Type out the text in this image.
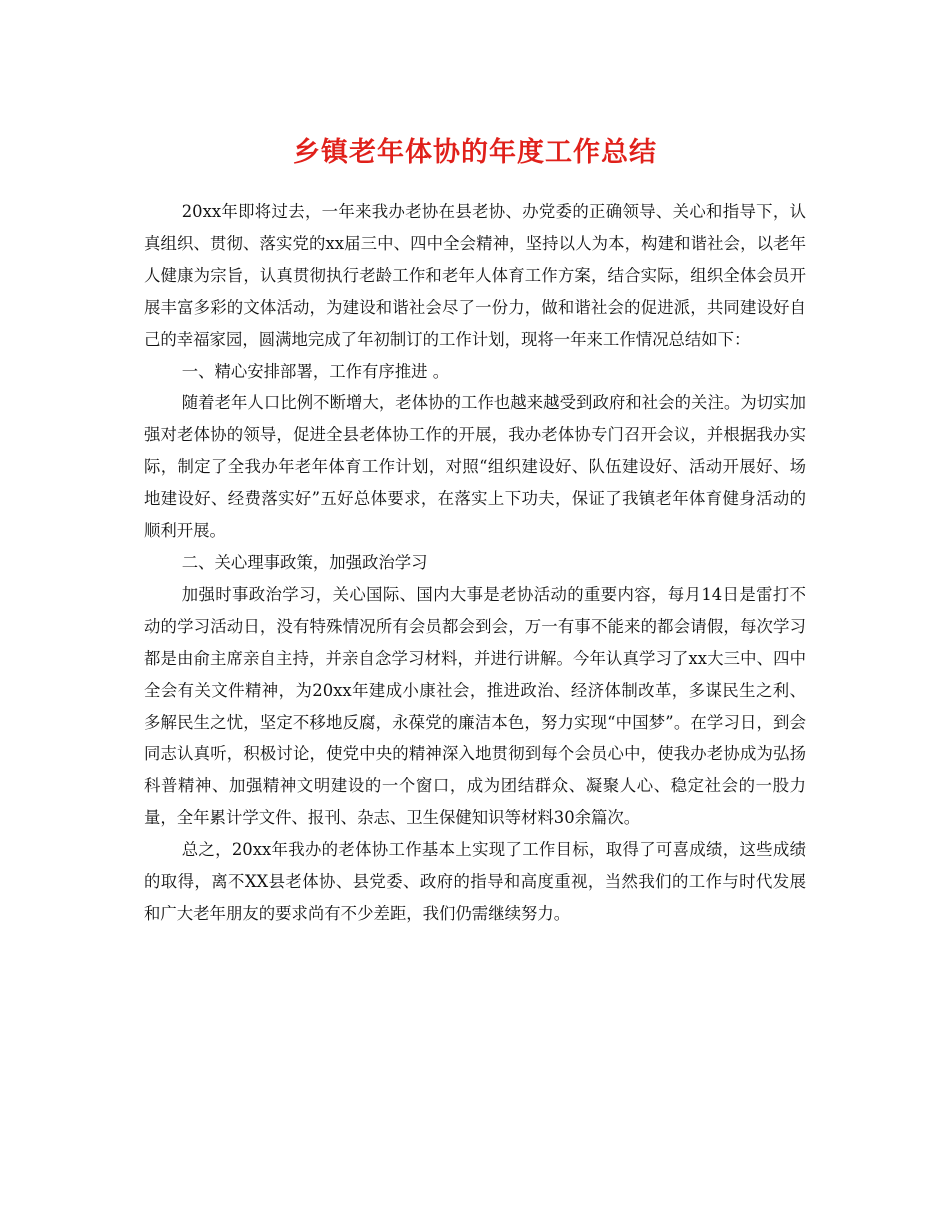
乡镇老年体协的年度工作总结

20xx年即将过去，一年来我办老协在县老协、办党委的正确领导、关心和指导下，认真组织、贯彻、落实党的xx届三中、四中全会精神，坚持以人为本，构建和谐社会，以老年人健康为宗旨，认真贯彻执行老龄工作和老年人体育工作方案，结合实际，组织全体会员开展丰富多彩的文体活动，为建设和谐社会尽了一份力，做和谐社会的促进派，共同建设好自己的幸福家园，圆满地完成了年初制订的工作计划，现将一年来工作情况总结如下：

一、精心安排部署，工作有序推进 。

随着老年人口比例不断增大，老体协的工作也越来越受到政府和社会的关注。为切实加强对老体协的领导，促进全县老体协工作的开展，我办老体协专门召开会议，并根据我办实际，制定了全我办年老年体育工作计划，对照“组织建设好、队伍建设好、活动开展好、场地建设好、经费落实好”五好总体要求，在落实上下功夫，保证了我镇老年体育健身活动的顺利开展。

二、关心理事政策，加强政治学习

加强时事政治学习，关心国际、国内大事是老协活动的重要内容，每月14日是雷打不动的学习活动日，没有特殊情况所有会员都会到会，万一有事不能来的都会请假，每次学习都是由俞主席亲自主持，并亲自念学习材料，并进行讲解。今年认真学习了xx大三中、四中全会有关文件精神，为20xx年建成小康社会，推进政治、经济体制改革，多谋民生之利、多解民生之忧，坚定不移地反腐，永葆党的廉洁本色，努力实现“中国梦”。在学习日，到会同志认真听，积极讨论，使党中央的精神深入地贯彻到每个会员心中，使我办老协成为弘扬科普精神、加强精神文明建设的一个窗口，成为团结群众、凝聚人心、稳定社会的一股力量，全年累计学文件、报刊、杂志、卫生保健知识等材料30余篇次。

总之，20xx年我办的老体协工作基本上实现了工作目标，取得了可喜成绩，这些成绩的取得，离不XX县老体协、县党委、政府的指导和高度重视，当然我们的工作与时代发展和广大老年朋友的要求尚有不少差距，我们仍需继续努力。
